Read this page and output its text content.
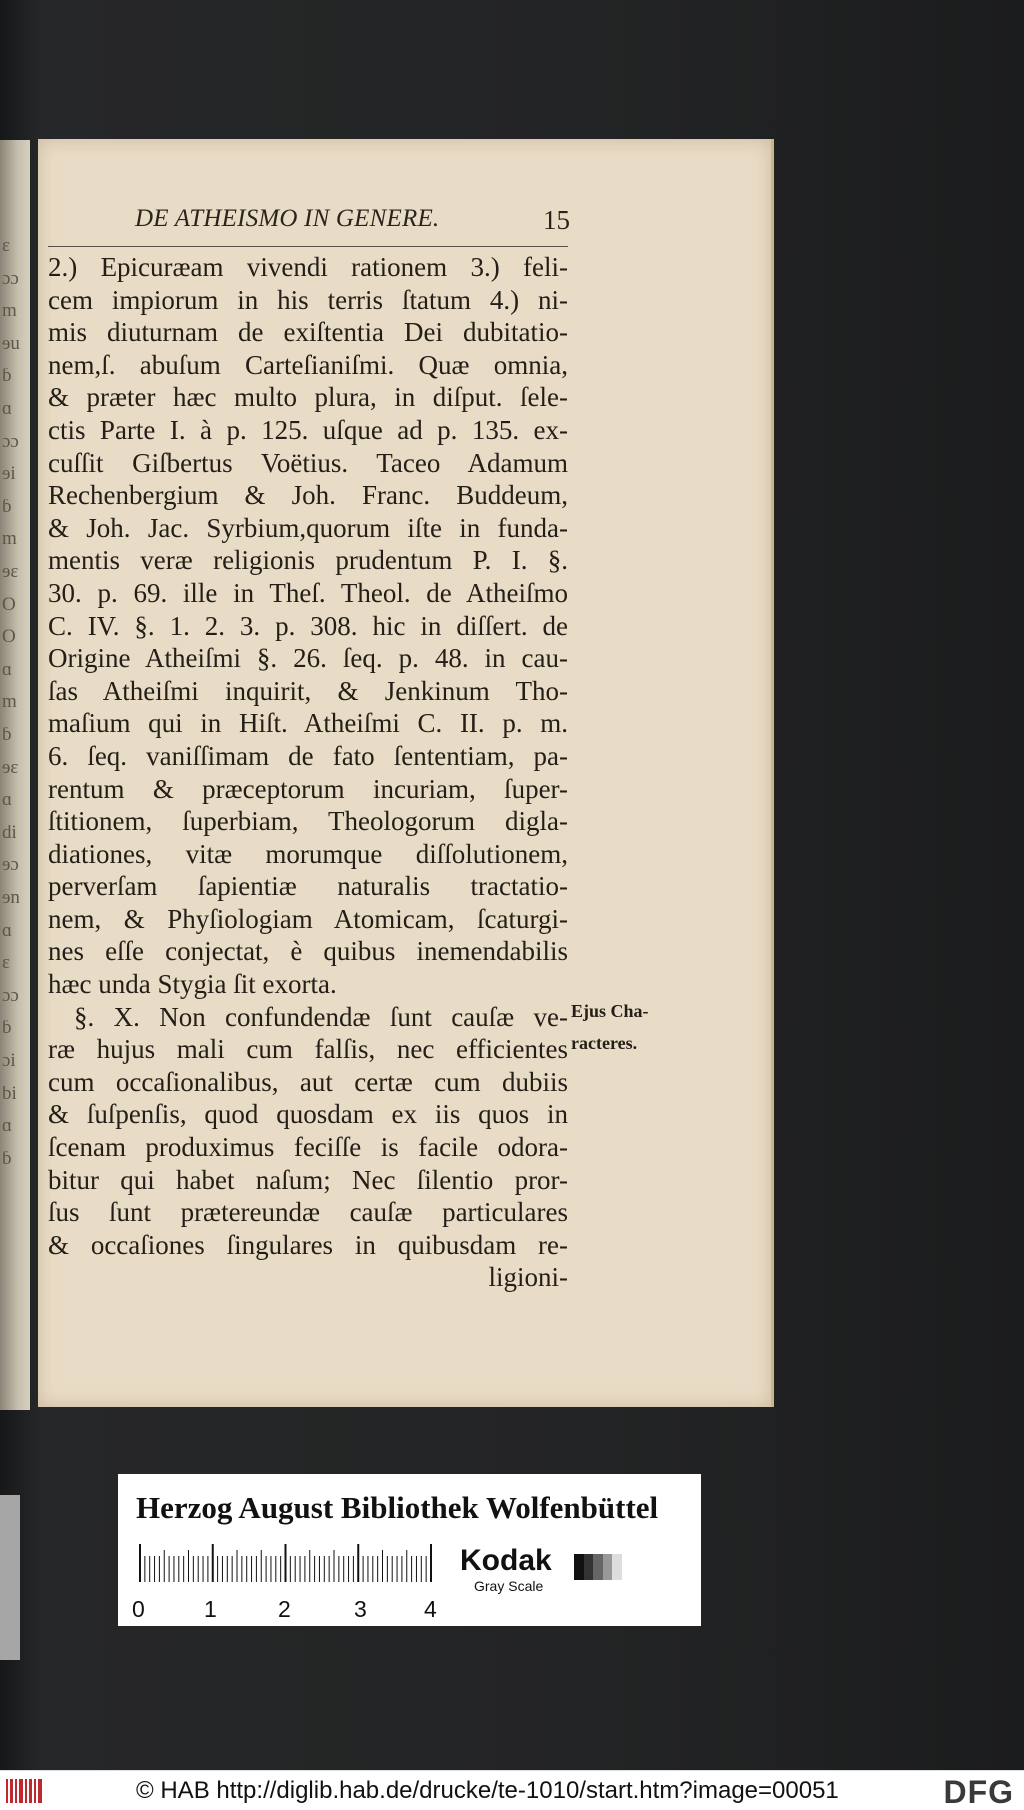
ɛ
ɔɔ
m
ɘu
ɓ
ɑ
ɔɔ
ɘi
ɓ
m
ɘɛ
O
O
ɑ
m
ɓ
ɘɛ
ɑ
di
ɘɔ
ɘn
ɑ
ɛ
ɔɔ
ɓ
ɔi
bi
ɑ
ɓ
DE ATHEISMO IN GENERE.	15
2.) Epicuræam vivendi rationem 3.) feli-
cem impiorum in his terris ſtatum 4.) ni-
mis diuturnam de exiſtentia Dei dubitatio-
nem,ſ. abuſum Carteſianiſmi. Quæ omnia,
& præter hæc multo plura, in diſput. ſele-
ctis Parte I. à p. 125. uſque ad p. 135. ex-
cuſſit Giſbertus Voëtius. Taceo Adamum
Rechenbergium & Joh. Franc. Buddeum,
& Joh. Jac. Syrbium,quorum iſte in funda-
mentis veræ religionis prudentum P. I. §.
30. p. 69. ille in Theſ. Theol. de Atheiſmo
C. IV. §. 1. 2. 3. p. 308. hic in diſſert. de
Origine Atheiſmi §. 26. ſeq. p. 48. in cau-
ſas Atheiſmi inquirit, & Jenkinum Tho-
maſium qui in Hiſt. Atheiſmi C. II. p. m.
6. ſeq. vaniſſimam de fato ſententiam, pa-
rentum & præceptorum incuriam, ſuper-
ſtitionem, ſuperbiam, Theologorum digla-
diationes, vitæ morumque diſſolutionem,
perverſam ſapientiæ naturalis tractatio-
nem, & Phyſiologiam Atomicam, ſcaturgi-
nes eſſe conjectat, è quibus inemendabilis
hæc unda Stygia ſit exorta.
§. X. Non confundendæ ſunt cauſæ ve-
ræ hujus mali cum falſis, nec efficientes
cum occaſionalibus, aut certæ cum dubiis
& ſuſpenſis, quod quosdam ex iis quos in
ſcenam produximus feciſſe is facile odora-
bitur qui habet naſum; Nec ſilentio pror-
ſus ſunt prætereundæ cauſæ particulares
& occaſiones ſingulares in quibusdam re-
ligioni-
Ejus Cha-
racteres.
Herzog August Bibliothek Wolfenbüttel
0	1	2	3 4
Kodak
Gray Scale
© HAB http://diglib.hab.de/drucke/te-1010/start.htm?image=00051	DFG
